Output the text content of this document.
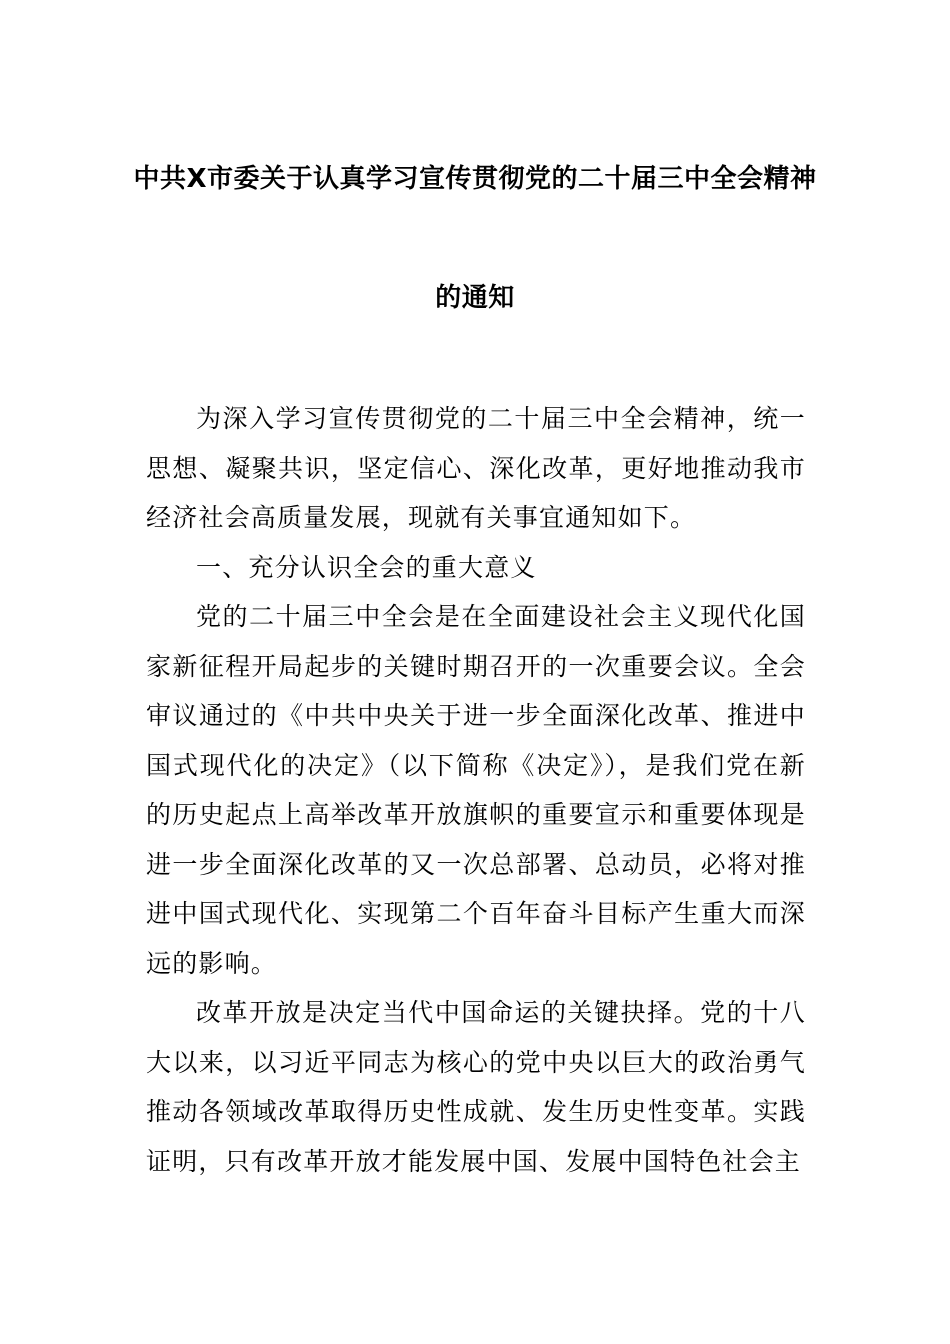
中共X市委关于认真学习宣传贯彻党的二十届三中全会精神
的通知

为深入学习宣传贯彻党的二十届三中全会精神，统一思想、凝聚共识，坚定信心、深化改革，更好地推动我市经济社会高质量发展，现就有关事宜通知如下。

一、充分认识全会的重大意义

党的二十届三中全会是在全面建设社会主义现代化国家新征程开局起步的关键时期召开的一次重要会议。全会审议通过的《中共中央关于进一步全面深化改革、推进中国式现代化的决定》（以下简称《决定》），是我们党在新的历史起点上高举改革开放旗帜的重要宣示和重要体现是进一步全面深化改革的又一次总部署、总动员，必将对推进中国式现代化、实现第二个百年奋斗目标产生重大而深远的影响。

改革开放是决定当代中国命运的关键抉择。党的十八大以来，以习近平同志为核心的党中央以巨大的政治勇气推动各领域改革取得历史性成就、发生历史性变革。实践证明，只有改革开放才能发展中国、发展中国特色社会主
